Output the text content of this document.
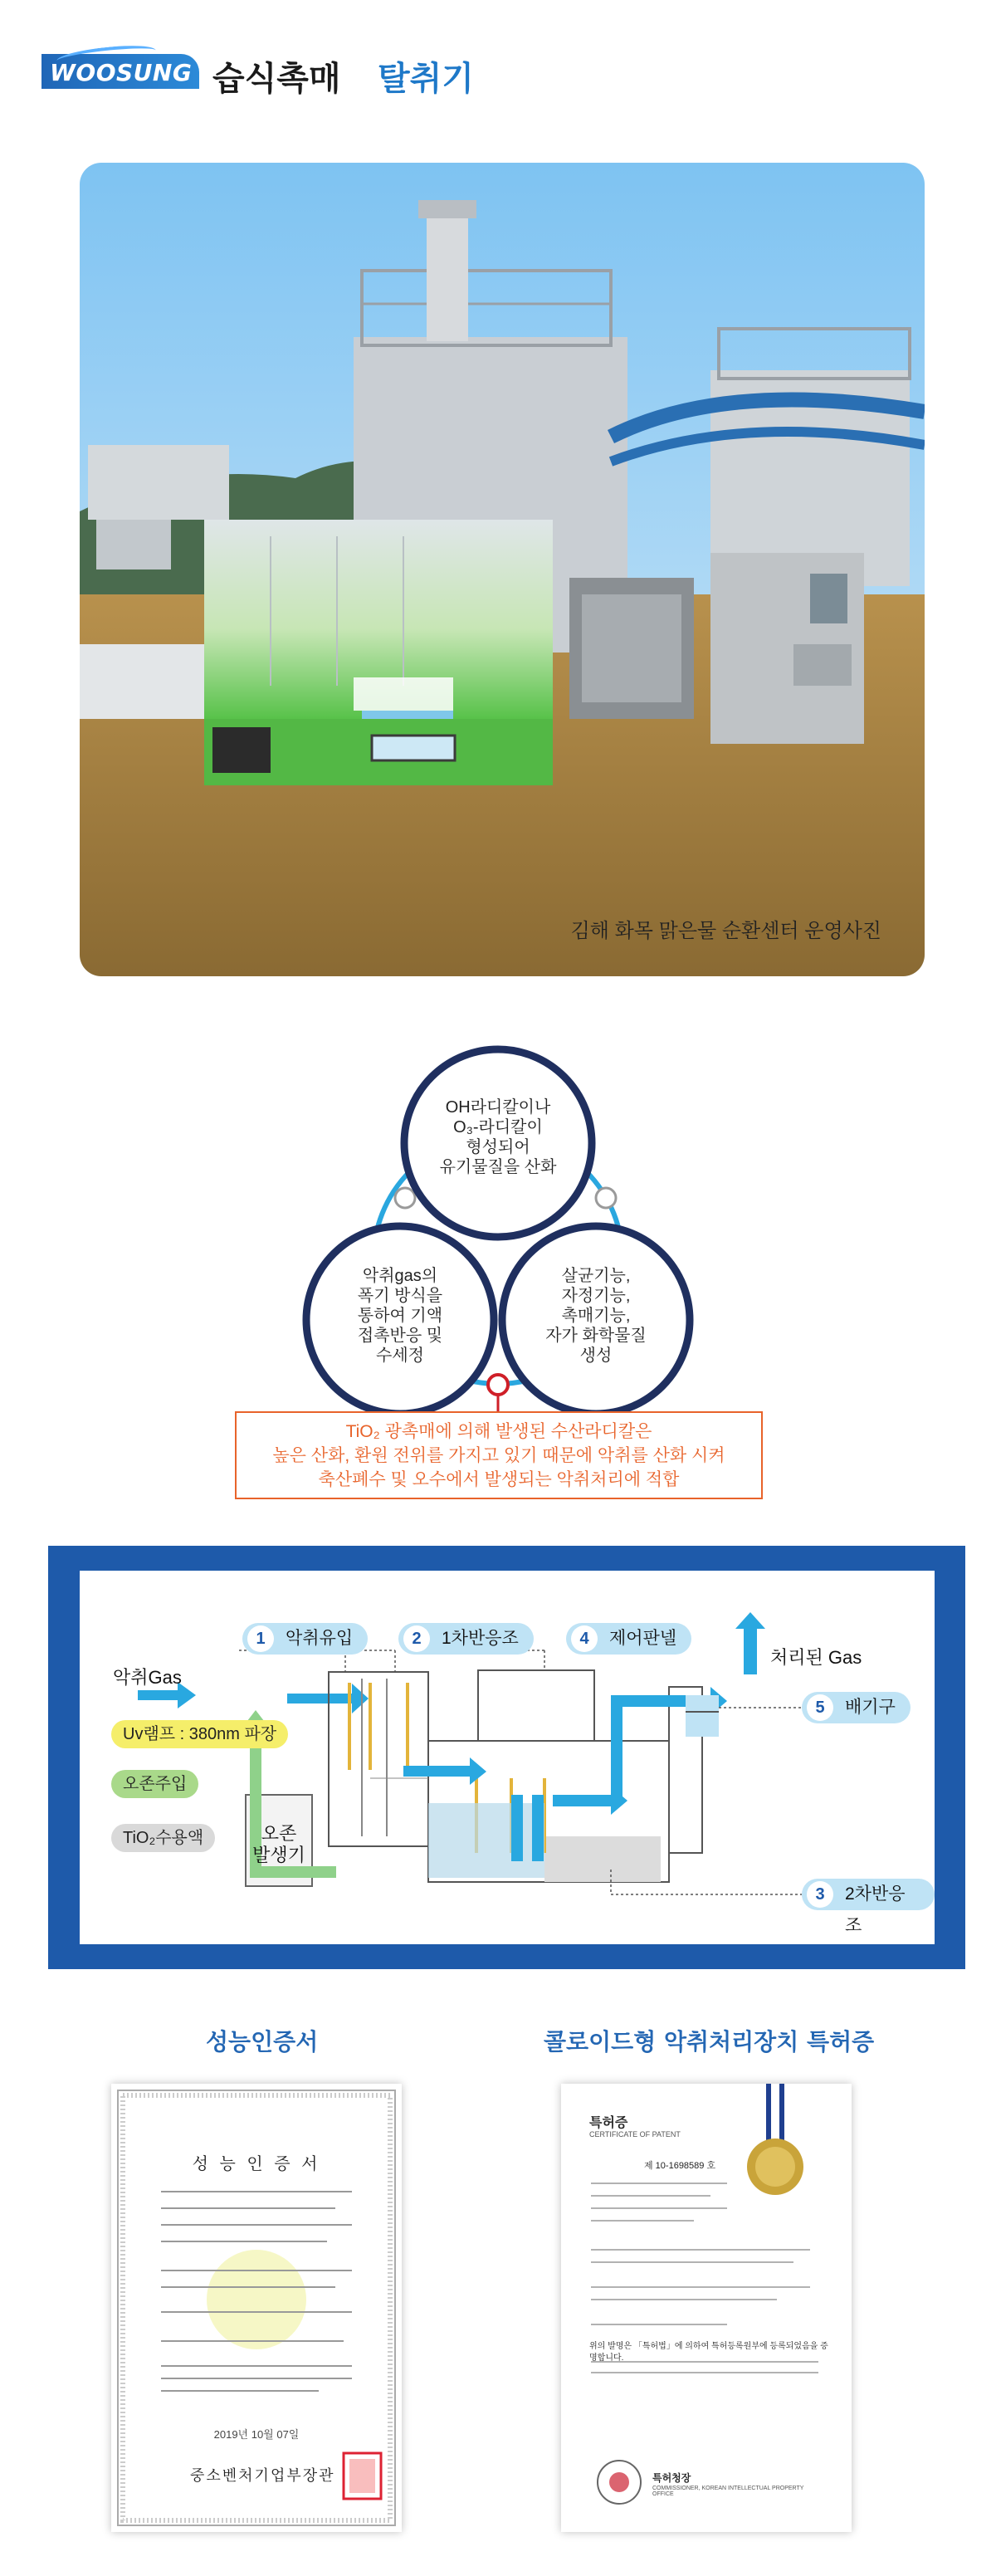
WOOSUNG 습식촉매 탈취기
김해 화목 맑은물 순환센터 운영사진
OH라디칼이나
O₃-라디칼이
형성되어
유기물질을 산화
악취gas의
폭기 방식을
통하여 기액
접촉반응 및
수세정
살균기능,
자정기능,
촉매기능,
자가 화학물질
생성
TiO₂ 광촉매에 의해 발생된 수산라디칼은
높은 산화, 환원 전위를 가지고 있기 때문에 악취를 산화 시켜
축산폐수 및 오수에서 발생되는 악취처리에 적합
악취Gas
처리된 Gas
오존
발생기
Uv램프 : 380nm 파장
오존주입
TiO₂수용액
1	악취유입	2	1차반응조	4	제어판넬
5	배기구
3	2차반응조
성능인증서	콜로이드형 악취처리장치 특허증
성 능 인 증 서
2019년 10월 07일
중소벤처기업부장관
특허증
CERTIFICATE OF PATENT
제 10-1698589 호
위의 발명은 「특허법」에 의하여 특허등록원부에 등록되었음을 증명합니다.
특허청장
COMMISSIONER, KOREAN INTELLECTUAL PROPERTY OFFICE
